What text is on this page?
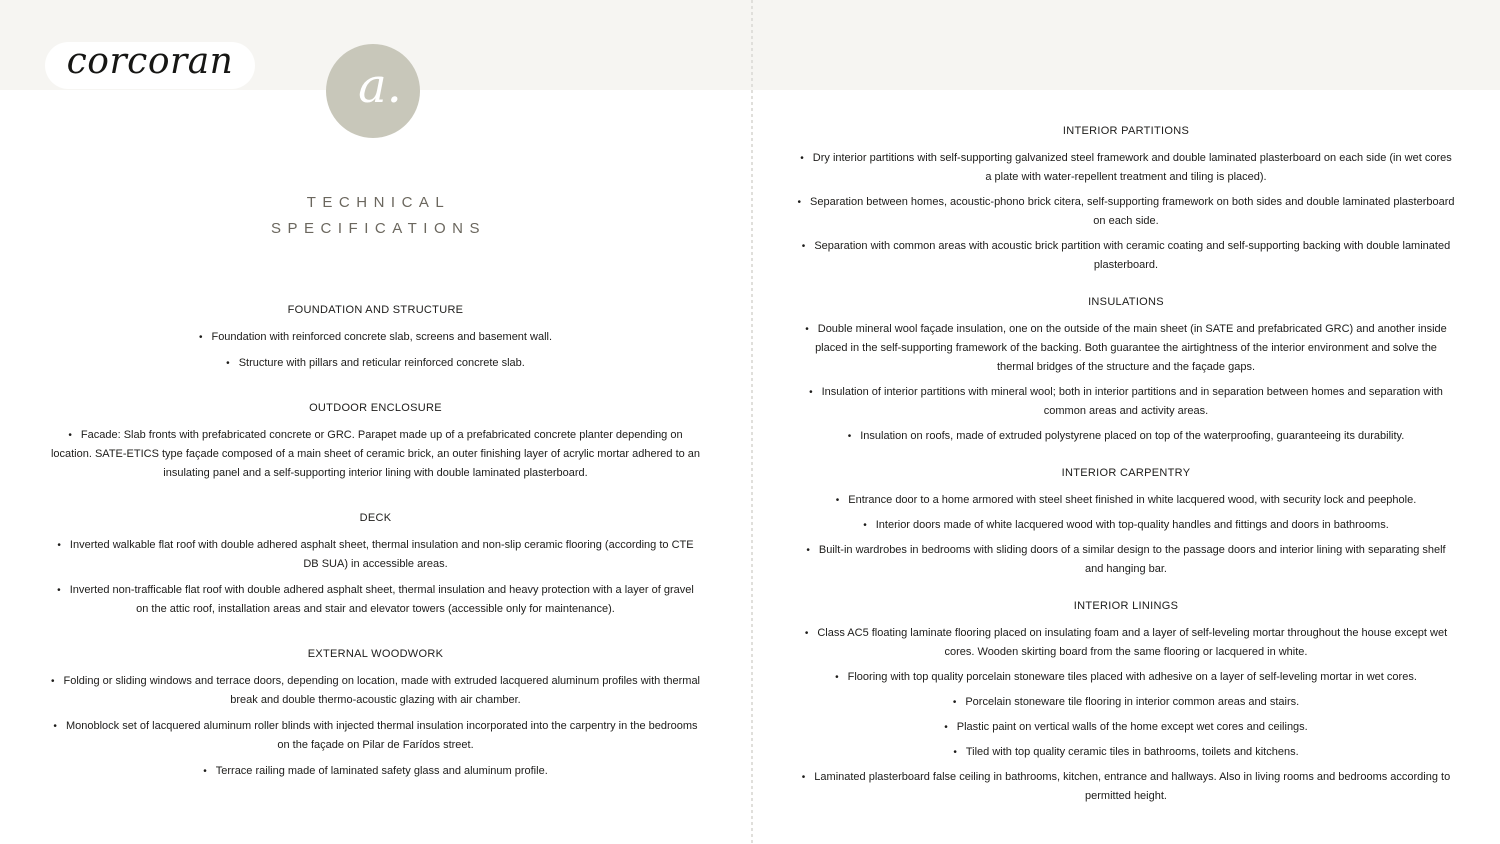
corcoran	a.
TECHNICAL
SPECIFICATIONS
FOUNDATION AND STRUCTURE

• Foundation with reinforced concrete slab, screens and basement wall.

• Structure with pillars and reticular reinforced concrete slab.

OUTDOOR ENCLOSURE

• Facade: Slab fronts with prefabricated concrete or GRC. Parapet made up of a prefabricated concrete planter depending on location. SATE-ETICS type façade composed of a main sheet of ceramic brick, an outer finishing layer of acrylic mortar adhered to an insulating panel and a self-supporting interior lining with double laminated plasterboard.

DECK

• Inverted walkable flat roof with double adhered asphalt sheet, thermal insulation and non-slip ceramic flooring (according to CTE DB SUA) in accessible areas.

• Inverted non-trafficable flat roof with double adhered asphalt sheet, thermal insulation and heavy protection with a layer of gravel on the attic roof, installation areas and stair and elevator towers (accessible only for maintenance).

EXTERNAL WOODWORK

• Folding or sliding windows and terrace doors, depending on location, made with extruded lacquered aluminum profiles with thermal break and double thermo-acoustic glazing with air chamber.

• Monoblock set of lacquered aluminum roller blinds with injected thermal insulation incorporated into the carpentry in the bedrooms on the façade on Pilar de Farídos street.

• Terrace railing made of laminated safety glass and aluminum profile.

INTERIOR PARTITIONS

• Dry interior partitions with self-supporting galvanized steel framework and double laminated plasterboard on each side (in wet cores a plate with water-repellent treatment and tiling is placed).

• Separation between homes, acoustic-phono brick citera, self-supporting framework on both sides and double laminated plasterboard on each side.

• Separation with common areas with acoustic brick partition with ceramic coating and self-supporting backing with double laminated plasterboard.

INSULATIONS

• Double mineral wool façade insulation, one on the outside of the main sheet (in SATE and prefabricated GRC) and another inside placed in the self-supporting framework of the backing. Both guarantee the airtightness of the interior environment and solve the thermal bridges of the structure and the façade gaps.

• Insulation of interior partitions with mineral wool; both in interior partitions and in separation between homes and separation with common areas and activity areas.

• Insulation on roofs, made of extruded polystyrene placed on top of the waterproofing, guaranteeing its durability.

INTERIOR CARPENTRY

• Entrance door to a home armored with steel sheet finished in white lacquered wood, with security lock and peephole.

• Interior doors made of white lacquered wood with top-quality handles and fittings and doors in bathrooms.

• Built-in wardrobes in bedrooms with sliding doors of a similar design to the passage doors and interior lining with separating shelf and hanging bar.

INTERIOR LININGS

• Class AC5 floating laminate flooring placed on insulating foam and a layer of self-leveling mortar throughout the house except wet cores. Wooden skirting board from the same flooring or lacquered in white.

• Flooring with top quality porcelain stoneware tiles placed with adhesive on a layer of self-leveling mortar in wet cores.

• Porcelain stoneware tile flooring in interior common areas and stairs.

• Plastic paint on vertical walls of the home except wet cores and ceilings.

• Tiled with top quality ceramic tiles in bathrooms, toilets and kitchens.

• Laminated plasterboard false ceiling in bathrooms, kitchen, entrance and hallways. Also in living rooms and bedrooms according to permitted height.
